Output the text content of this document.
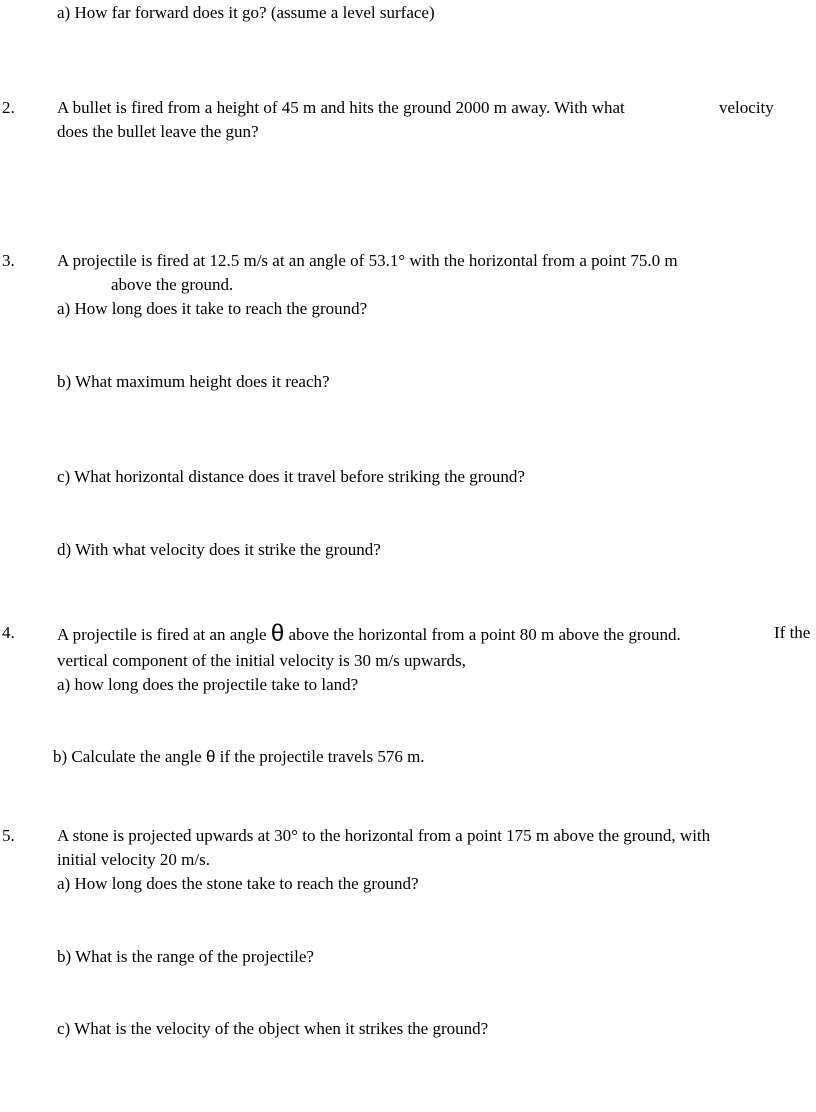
a) How far forward does it go? (assume a level surface)
2. A bullet is fired from a height of 45 m and hits the ground 2000 m away. With what	velocity
does the bullet leave the gun?
3. A projectile is fired at 12.5 m/s at an angle of 53.1° with the horizontal from a point 75.0 m
above the ground.
a) How long does it take to reach the ground?
b) What maximum height does it reach?
c) What horizontal distance does it travel before striking the ground?
d) With what velocity does it strike the ground?
4. A projectile is fired at an angle θ above the horizontal from a point 80 m above the ground.	If the
vertical component of the initial velocity is 30 m/s upwards,
a) how long does the projectile take to land?
b) Calculate the angle θ if the projectile travels 576 m.
5. A stone is projected upwards at 30° to the horizontal from a point 175 m above the ground, with
initial velocity 20 m/s.
a) How long does the stone take to reach the ground?
b) What is the range of the projectile?
c) What is the velocity of the object when it strikes the ground?
